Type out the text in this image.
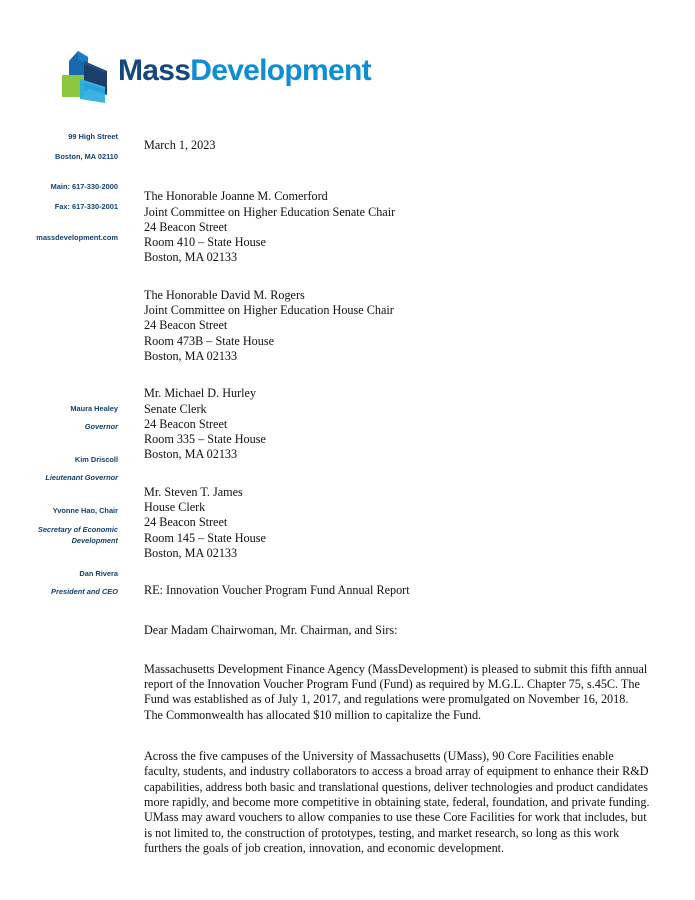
MassDevelopment
99 High Street
Boston, MA 02110
Main: 617-330-2000
Fax: 617-330-2001
massdevelopment.com
Maura Healey
Governor
Kim Driscoll
Lieutenant Governor
Yvonne Hao, Chair
Secretary of Economic Development
Dan Rivera
President and CEO
March 1, 2023
The Honorable Joanne M. Comerford
Joint Committee on Higher Education Senate Chair
24 Beacon Street
Room 410 – State House
Boston, MA 02133
The Honorable David M. Rogers
Joint Committee on Higher Education House Chair
24 Beacon Street
Room 473B – State House
Boston, MA 02133
Mr. Michael D. Hurley
Senate Clerk
24 Beacon Street
Room 335 – State House
Boston, MA 02133
Mr. Steven T. James
House Clerk
24 Beacon Street
Room 145 – State House
Boston, MA 02133
RE: Innovation Voucher Program Fund Annual Report
Dear Madam Chairwoman, Mr. Chairman, and Sirs:

Massachusetts Development Finance Agency (MassDevelopment) is pleased to submit this fifth annual report of the Innovation Voucher Program Fund (Fund) as required by M.G.L. Chapter 75, s.45C. The Fund was established as of July 1, 2017, and regulations were promulgated on November 16, 2018. The Commonwealth has allocated $10 million to capitalize the Fund.

Across the five campuses of the University of Massachusetts (UMass), 90 Core Facilities enable faculty, students, and industry collaborators to access a broad array of equipment to enhance their R&D capabilities, address both basic and translational questions, deliver technologies and product candidates more rapidly, and become more competitive in obtaining state, federal, foundation, and private funding. UMass may award vouchers to allow companies to use these Core Facilities for work that includes, but is not limited to, the construction of prototypes, testing, and market research, so long as this work furthers the goals of job creation, innovation, and economic development.
